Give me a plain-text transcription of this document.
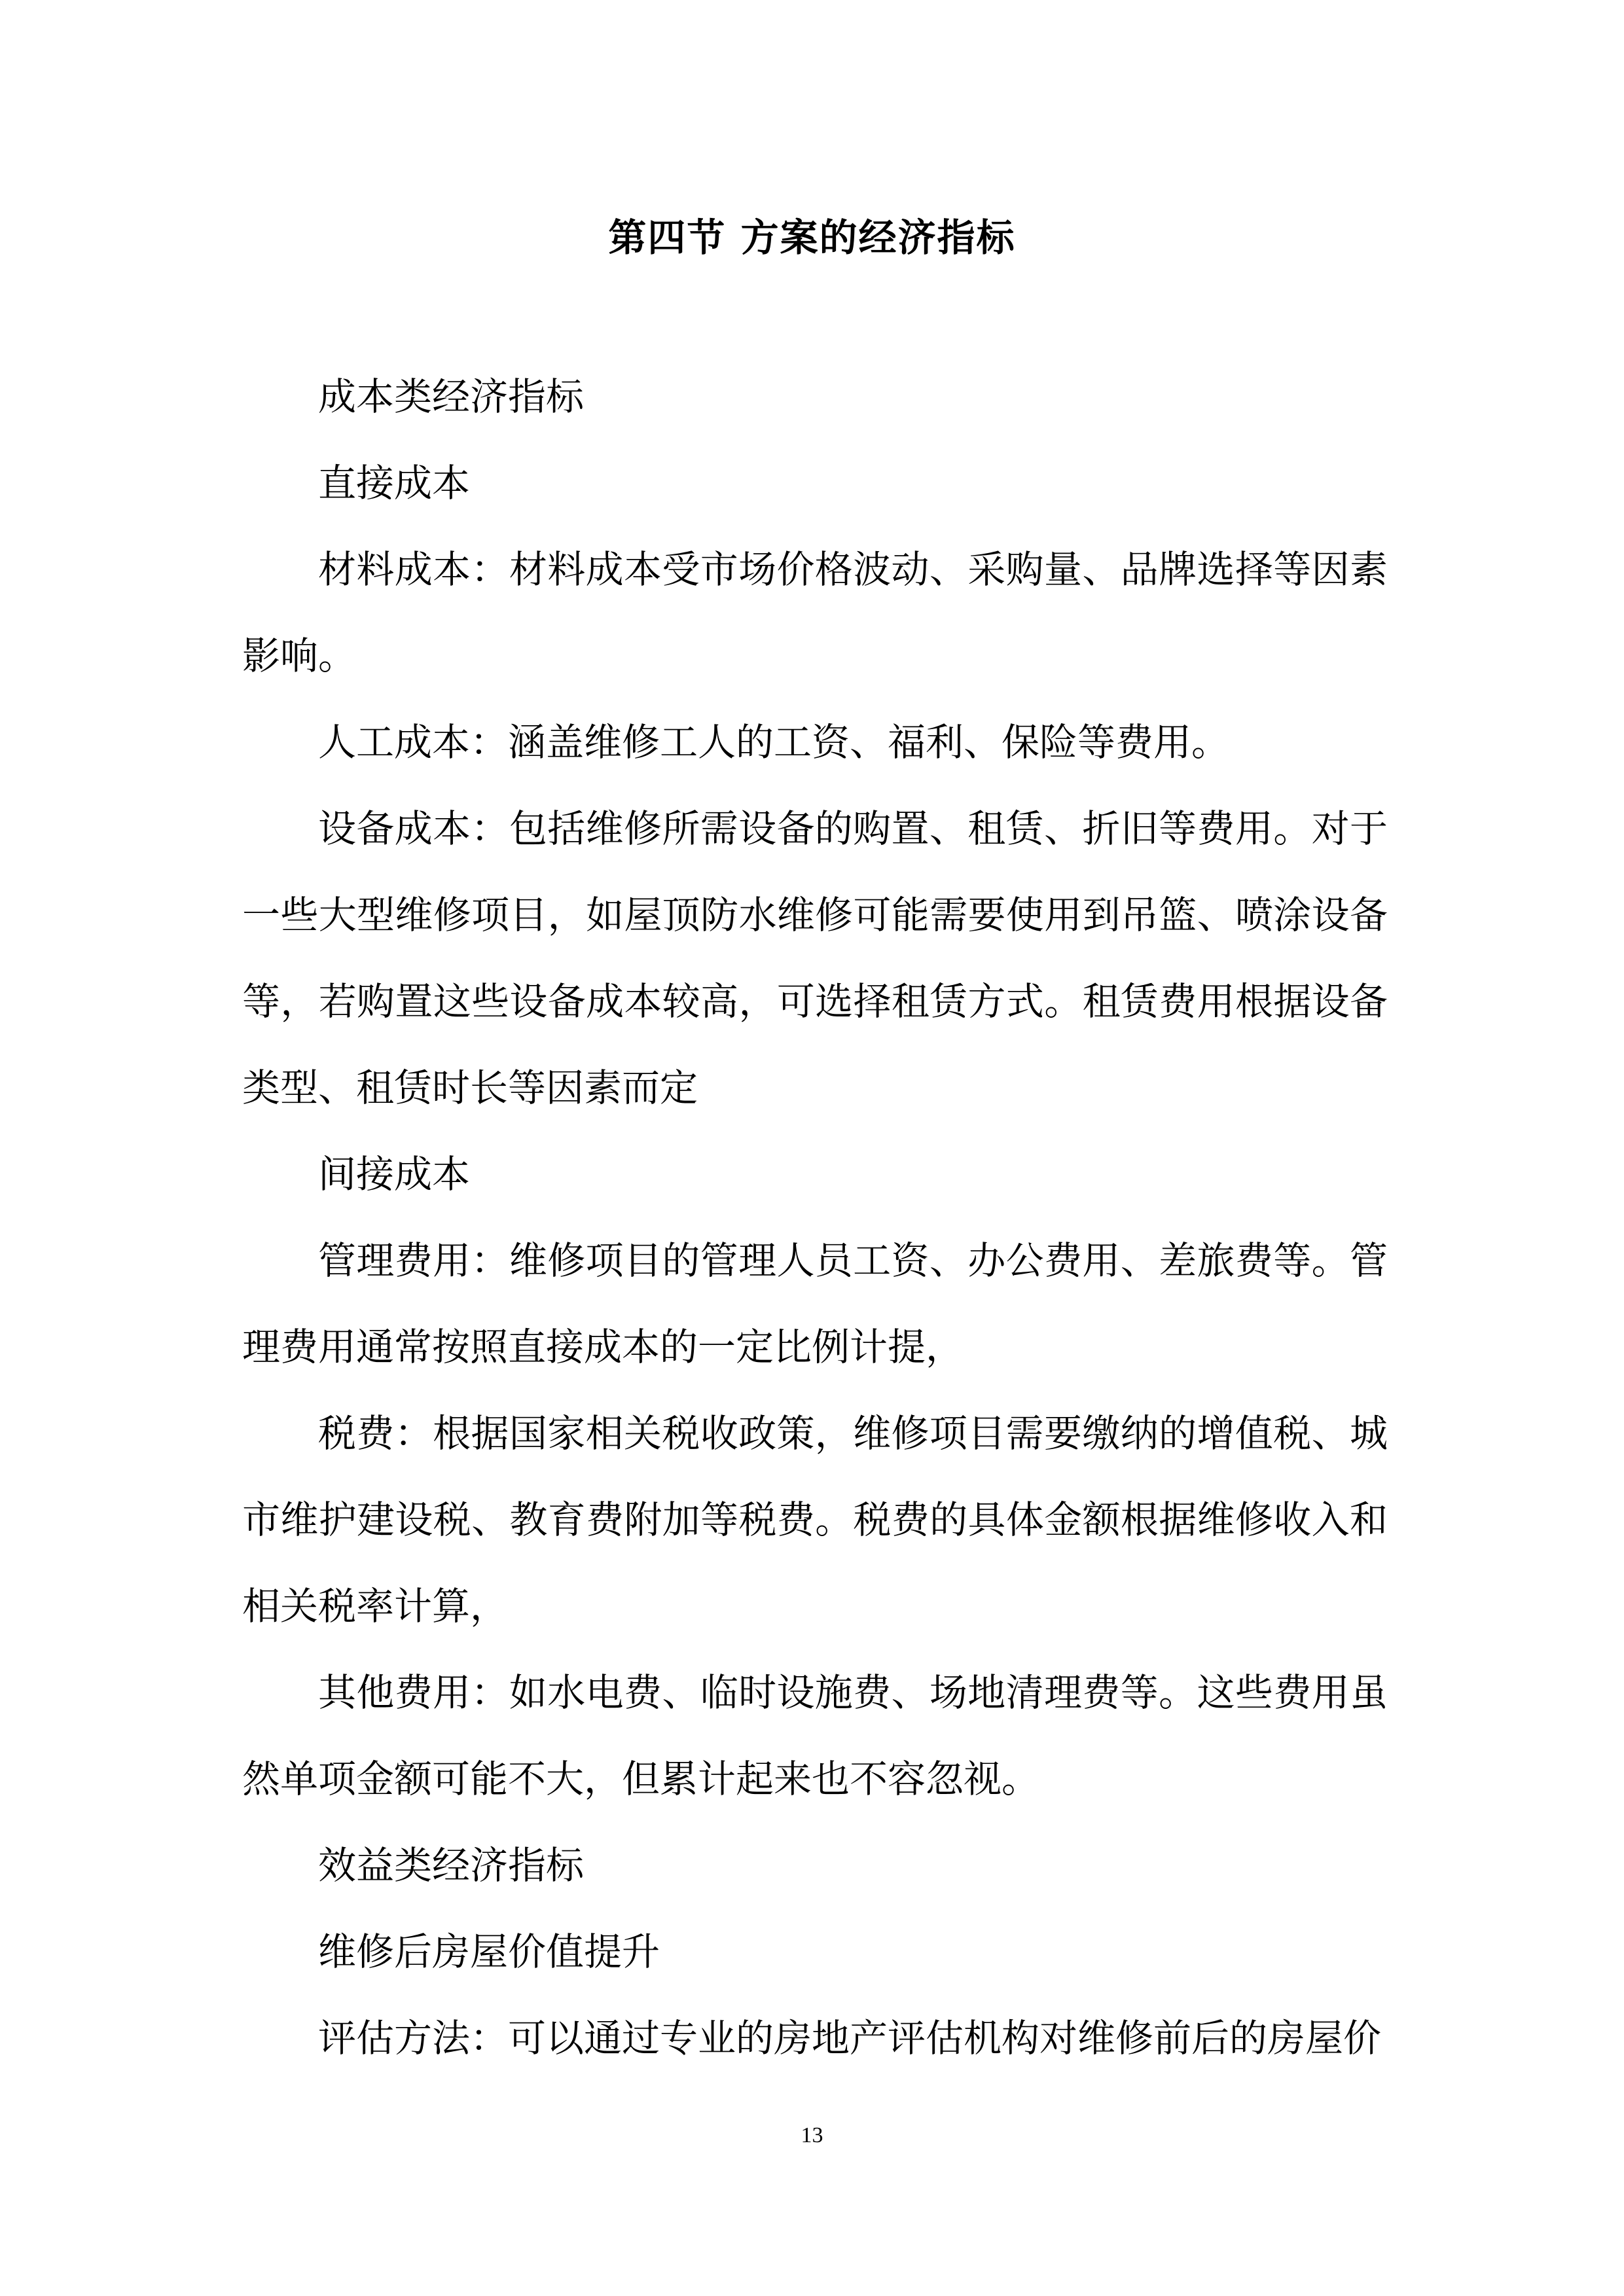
第四节 方案的经济指标

成本类经济指标

直接成本

材料成本：材料成本受市场价格波动、采购量、品牌选择等因素影响。

人工成本：涵盖维修工人的工资、福利、保险等费用。

设备成本：包括维修所需设备的购置、租赁、折旧等费用。对于一些大型维修项目，如屋顶防水维修可能需要使用到吊篮、喷涂设备等，若购置这些设备成本较高，可选择租赁方式。租赁费用根据设备类型、租赁时长等因素而定

间接成本

管理费用：维修项目的管理人员工资、办公费用、差旅费等。管理费用通常按照直接成本的一定比例计提，

税费：根据国家相关税收政策，维修项目需要缴纳的增值税、城市维护建设税、教育费附加等税费。税费的具体金额根据维修收入和相关税率计算，

其他费用：如水电费、临时设施费、场地清理费等。这些费用虽然单项金额可能不大，但累计起来也不容忽视。

效益类经济指标

维修后房屋价值提升

评估方法：可以通过专业的房地产评估机构对维修前后的房屋价

13
